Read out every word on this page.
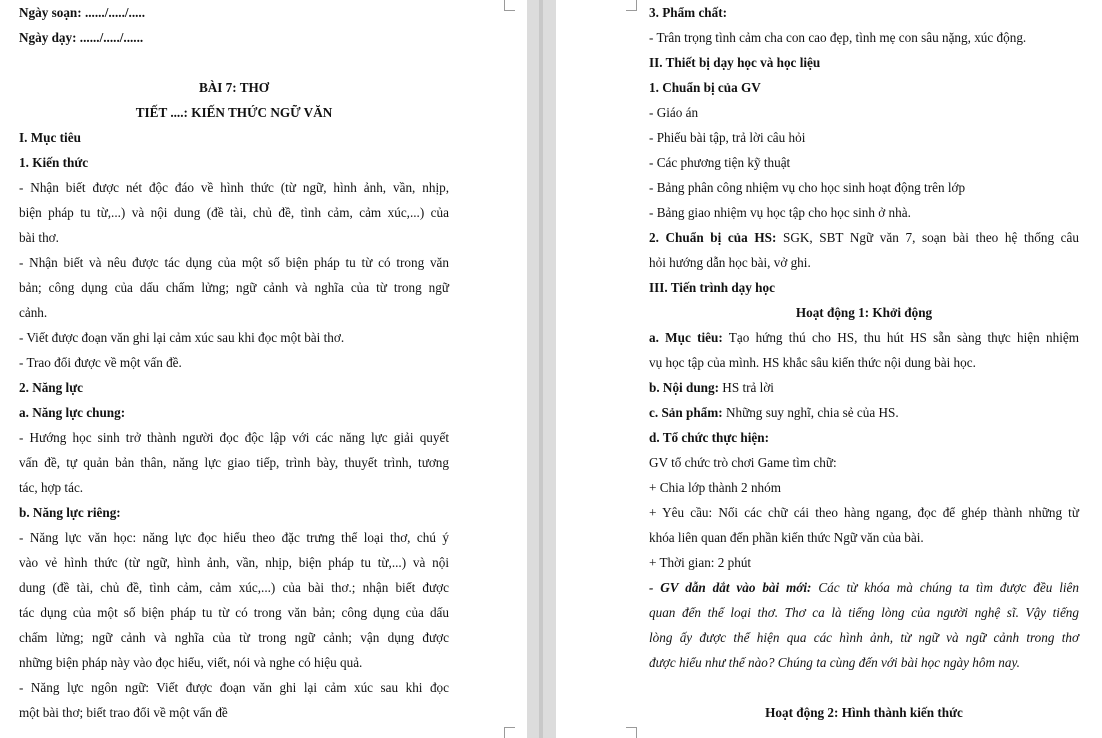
Ngày soạn: ....../...../.....
Ngày dạy: ....../...../......
BÀI 7: THƠ
TIẾT ....: KIẾN THỨC NGỮ VĂN
I. Mục tiêu
1. Kiến thức
- Nhận biết được nét độc đáo về hình thức (từ ngữ, hình ảnh, vần, nhịp,
biện pháp tu từ,...) và nội dung (đề tài, chủ đề, tình cảm, cảm xúc,...) của
bài thơ.
- Nhận biết và nêu được tác dụng của một số biện pháp tu từ có trong văn
bản; công dụng của dấu chấm lửng; ngữ cảnh và nghĩa của từ trong ngữ
cảnh.
- Viết được đoạn văn ghi lại cảm xúc sau khi đọc một bài thơ.
- Trao đổi được về một vấn đề.
2. Năng lực
a. Năng lực chung:
- Hướng học sinh trở thành người đọc độc lập với các năng lực giải quyết
vấn đề, tự quản bản thân, năng lực giao tiếp, trình bày, thuyết trình, tương
tác, hợp tác.
b. Năng lực riêng:
- Năng lực văn học: năng lực đọc hiểu theo đặc trưng thể loại thơ, chú ý
vào vẻ hình thức (từ ngữ, hình ảnh, vần, nhịp, biện pháp tu từ,...) và nội
dung (đề tài, chủ đề, tình cảm, cảm xúc,...) của bài thơ.; nhận biết được
tác dụng của một số biện pháp tu từ có trong văn bản; công dụng của dấu
chấm lửng; ngữ cảnh và nghĩa của từ trong ngữ cảnh; vận dụng được
những biện pháp này vào đọc hiểu, viết, nói và nghe có hiệu quả.
- Năng lực ngôn ngữ: Viết được đoạn văn ghi lại cảm xúc sau khi đọc
một bài thơ; biết trao đổi về một vấn đề
3. Phẩm chất:
- Trân trọng tình cảm cha con cao đẹp, tình mẹ con sâu nặng, xúc động.
II. Thiết bị dạy học và học liệu
1. Chuẩn bị của GV
- Giáo án
- Phiếu bài tập, trả lời câu hỏi
- Các phương tiện kỹ thuật
- Bảng phân công nhiệm vụ cho học sinh hoạt động trên lớp
- Bảng giao nhiệm vụ học tập cho học sinh ở nhà.
2. Chuẩn bị của HS: SGK, SBT Ngữ văn 7, soạn bài theo hệ thống câu
hỏi hướng dẫn học bài, vở ghi.
III. Tiến trình dạy học
Hoạt động 1: Khởi động
a. Mục tiêu: Tạo hứng thú cho HS, thu hút HS sẵn sàng thực hiện nhiệm
vụ học tập của mình. HS khắc sâu kiến thức nội dung bài học.
b. Nội dung: HS trả lời
c. Sản phẩm: Những suy nghĩ, chia sẻ của HS.
d. Tổ chức thực hiện:
GV tổ chức trò chơi Game tìm chữ:
+ Chia lớp thành 2 nhóm
+ Yêu cầu: Nối các chữ cái theo hàng ngang, đọc để ghép thành những từ
khóa liên quan đến phần kiến thức Ngữ văn của bài.
+ Thời gian: 2 phút
- GV dẫn dắt vào bài mới: Các từ khóa mà chúng ta tìm được đều liên
quan đến thể loại thơ. Thơ ca là tiếng lòng của người nghệ sĩ. Vậy tiếng
lòng ấy được thể hiện qua các hình ảnh, từ ngữ và ngữ cảnh trong thơ
được hiểu như thế nào? Chúng ta cùng đến với bài học ngày hôm nay.
Hoạt động 2: Hình thành kiến thức
